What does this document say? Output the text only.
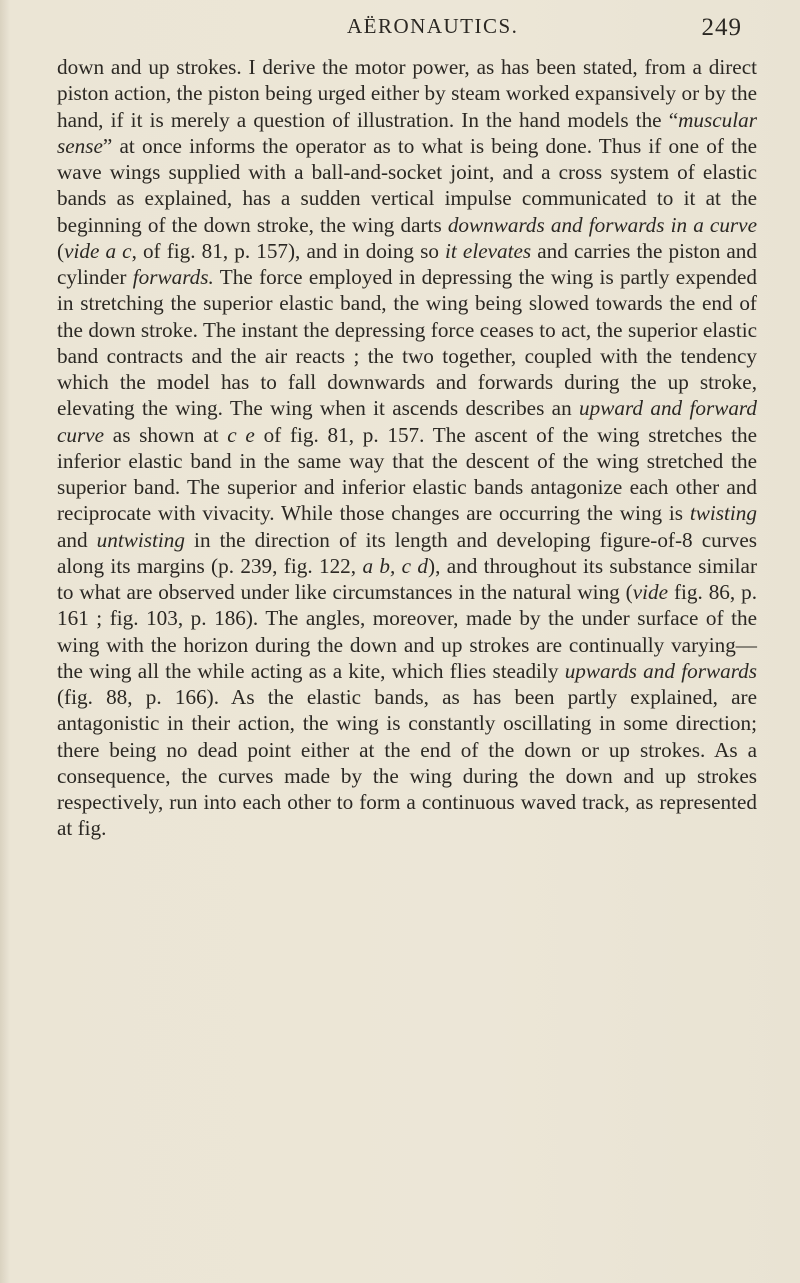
AËRONAUTICS.	249

down and up strokes. I derive the motor power, as has been stated, from a direct piston action, the piston being urged either by steam worked expansively or by the hand, if it is merely a question of illustration. In the hand models the “muscular sense” at once informs the operator as to what is being done. Thus if one of the wave wings supplied with a ball-and-socket joint, and a cross system of elastic bands as explained, has a sudden vertical impulse communicated to it at the beginning of the down stroke, the wing darts downwards and forwards in a curve (vide a c, of fig. 81, p. 157), and in doing so it elevates and carries the piston and cylinder forwards. The force employed in depressing the wing is partly expended in stretching the superior elastic band, the wing being slowed towards the end of the down stroke. The instant the depressing force ceases to act, the superior elastic band contracts and the air reacts ; the two together, coupled with the tendency which the model has to fall downwards and forwards during the up stroke, elevating the wing. The wing when it ascends describes an upward and forward curve as shown at c e of fig. 81, p. 157. The ascent of the wing stretches the inferior elastic band in the same way that the descent of the wing stretched the superior band. The superior and inferior elastic bands antagonize each other and reciprocate with vivacity. While those changes are occurring the wing is twisting and untwisting in the direction of its length and developing figure-of-8 curves along its margins (p. 239, fig. 122, a b, c d), and throughout its substance similar to what are observed under like circumstances in the natural wing (vide fig. 86, p. 161 ; fig. 103, p. 186). The angles, moreover, made by the under surface of the wing with the horizon during the down and up strokes are continually varying—the wing all the while acting as a kite, which flies steadily upwards and forwards (fig. 88, p. 166). As the elastic bands, as has been partly explained, are antagonistic in their action, the wing is constantly oscillating in some direction; there being no dead point either at the end of the down or up strokes. As a consequence, the curves made by the wing during the down and up strokes respectively, run into each other to form a continuous waved track, as represented at fig.
